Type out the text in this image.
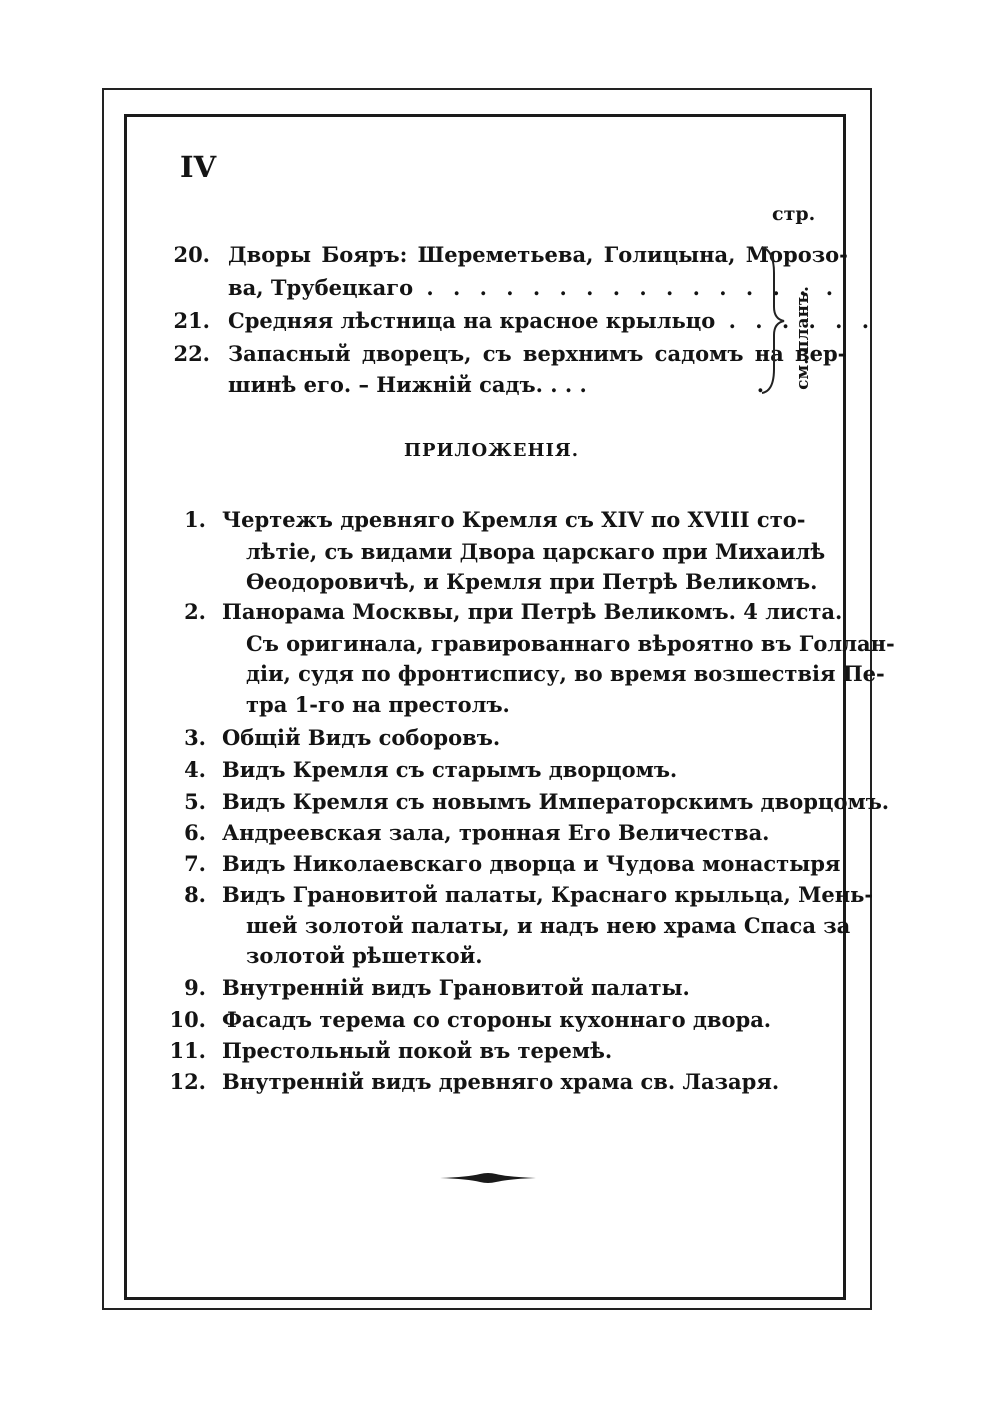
IV
стр.
20. Дворы Бояръ: Шереметьева, Голицына, Морозо-
ва, Трубецкаго . . . . . . . . . . . . . . . .
21. Средняя лѣстница на красное крыльцо . . . . . .
22. Запасный дворецъ, съ верхнимъ садомъ на вер-
шинѣ его. – Нижній садъ. . . .	. см. планъ.
ПРИЛОЖЕНІЯ.
1. Чертежъ древняго Кремля съ XIV по XVIII сто-
лѣтіе, съ видами Двора царскаго при Михаилѣ
Ѳеодоровичѣ, и Кремля при Петрѣ Великомъ.
2. Панорама Москвы, при Петрѣ Великомъ. 4 листа.
Съ оригинала, гравированнаго вѣроятно въ Голлан-
діи, судя по фронтиспису, во время возшествія Пе-
тра 1-го на престолъ.
3. Общій Видъ соборовъ.
4. Видъ Кремля съ старымъ дворцомъ.
5. Видъ Кремля съ новымъ Императорскимъ дворцомъ.
6. Андреевская зала, тронная Его Величества.
7. Видъ Николаевскаго дворца и Чудова монастыря
8. Видъ Грановитой палаты, Краснаго крыльца, Мень-
шей золотой палаты, и надъ нею храма Спаса за
золотой рѣшеткой.
9. Внутренній видъ Грановитой палаты.
10. Фасадъ терема со стороны кухоннаго двора.
11. Престольный покой въ теремѣ.
12. Внутренній видъ древняго храма св. Лазаря.
